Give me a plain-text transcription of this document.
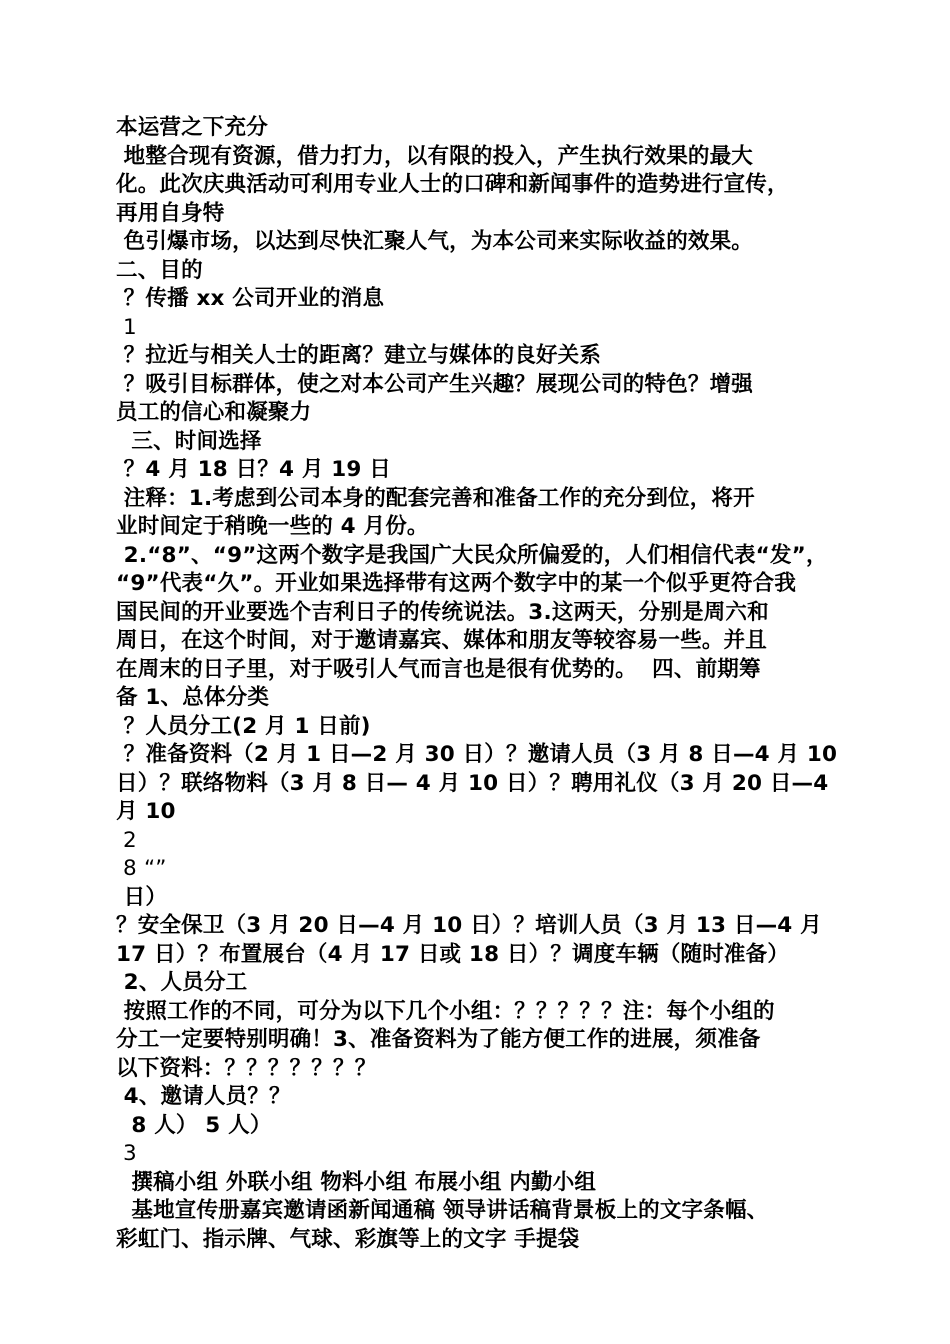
本运营之下充分
地整合现有资源，借力打力，以有限的投入，产生执行效果的最大
化。此次庆典活动可利用专业人士的口碑和新闻事件的造势进行宣传，
再用自身特
色引爆市场，以达到尽快汇聚人气，为本公司来实际收益的效果。
二、目的
？传播 xx 公司开业的消息
1
？拉近与相关人士的距离？建立与媒体的良好关系
？吸引目标群体，使之对本公司产生兴趣？展现公司的特色？增强
员工的信心和凝聚力
三、时间选择
？4 月 18 日？4 月 19 日
注释：1.考虑到公司本身的配套完善和准备工作的充分到位，将开
业时间定于稍晚一些的 4 月份。
2.“8”、“9”这两个数字是我国广大民众所偏爱的，人们相信代表“发”，
“9”代表“久”。开业如果选择带有这两个数字中的某一个似乎更符合我
国民间的开业要选个吉利日子的传统说法。3.这两天，分别是周六和
周日，在这个时间，对于邀请嘉宾、媒体和朋友等较容易一些。并且
在周末的日子里，对于吸引人气而言也是很有优势的。  四、前期筹
备 1、总体分类
？人员分工(2 月 1 日前)
？准备资料（2 月 1 日—2 月 30 日）？邀请人员（3 月 8 日—4 月 10
日）？联络物料（3 月 8 日— 4 月 10 日）？聘用礼仪（3 月 20 日—4
月 10
2
8 “”
日）
？安全保卫（3 月 20 日—4 月 10 日）？培训人员（3 月 13 日—4 月
17 日）？布置展台（4 月 17 日或 18 日）？调度车辆（随时准备）
2、人员分工
按照工作的不同，可分为以下几个小组：？？？？？注：每个小组的
分工一定要特别明确！3、准备资料为了能方便工作的进展，须准备
以下资料：？？？？？？？
4、邀请人员？？
8 人） 5 人）
3
撰稿小组 外联小组 物料小组 布展小组 内勤小组
基地宣传册嘉宾邀请函新闻通稿 领导讲话稿背景板上的文字条幅、
彩虹门、指示牌、气球、彩旗等上的文字 手提袋
